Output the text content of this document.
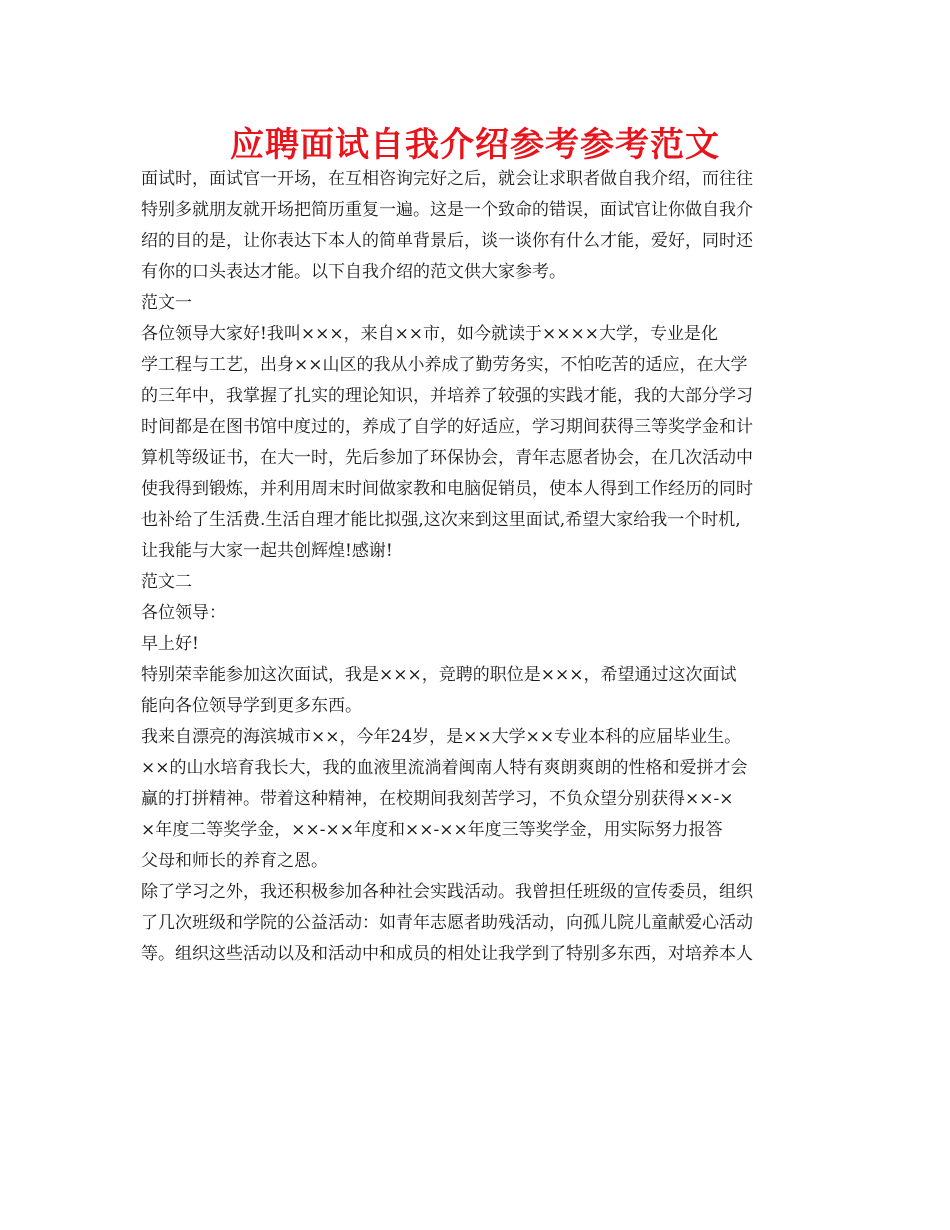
应聘面试自我介绍参考参考范文

面试时，面试官一开场，在互相咨询完好之后，就会让求职者做自我介绍，而往往

特别多就朋友就开场把简历重复一遍。这是一个致命的错误，面试官让你做自我介

绍的目的是，让你表达下本人的简单背景后，谈一谈你有什么才能，爱好，同时还

有你的口头表达才能。以下自我介绍的范文供大家参考。

范文一

各位领导大家好!我叫×××，来自××市，如今就读于××××大学，专业是化

学工程与工艺，出身××山区的我从小养成了勤劳务实，不怕吃苦的适应，在大学

的三年中，我掌握了扎实的理论知识，并培养了较强的实践才能，我的大部分学习

时间都是在图书馆中度过的，养成了自学的好适应，学习期间获得三等奖学金和计

算机等级证书，在大一时，先后参加了环保协会，青年志愿者协会，在几次活动中

使我得到锻炼，并利用周末时间做家教和电脑促销员，使本人得到工作经历的同时

也补给了生活费.生活自理才能比拟强,这次来到这里面试,希望大家给我一个时机,

让我能与大家一起共创辉煌!感谢!

范文二

各位领导：

早上好!

特别荣幸能参加这次面试，我是×××，竞聘的职位是×××，希望通过这次面试

能向各位领导学到更多东西。

我来自漂亮的海滨城市××，今年24岁，是××大学××专业本科的应届毕业生。

××的山水培育我长大，我的血液里流淌着闽南人特有爽朗爽朗的性格和爱拼才会

赢的打拼精神。带着这种精神，在校期间我刻苦学习，不负众望分别获得××-×

×年度二等奖学金，××-××年度和××-××年度三等奖学金，用实际努力报答

父母和师长的养育之恩。

除了学习之外，我还积极参加各种社会实践活动。我曾担任班级的宣传委员，组织

了几次班级和学院的公益活动：如青年志愿者助残活动，向孤儿院儿童献爱心活动

等。组织这些活动以及和活动中和成员的相处让我学到了特别多东西，对培养本人
